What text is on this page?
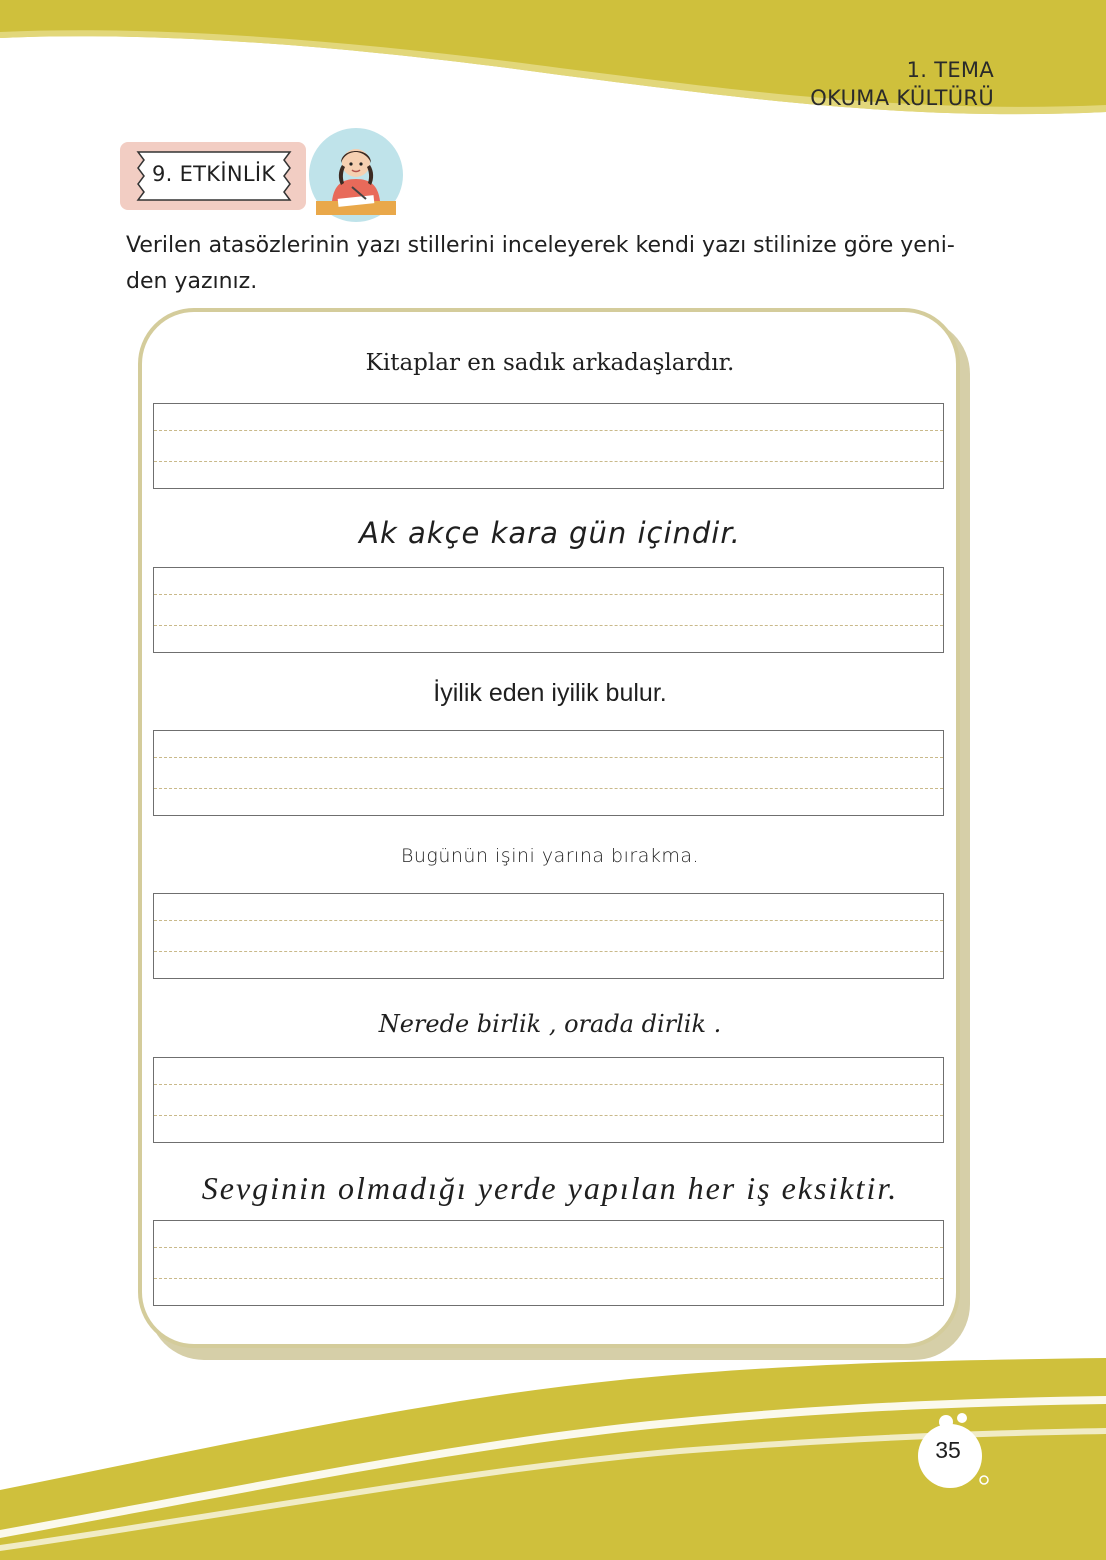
1. TEMA
OKUMA KÜLTÜRÜ
9. ETKİNLİK
Verilen atasözlerinin yazı stillerini inceleyerek kendi yazı stilinize göre yeni-den yazınız.
Kitaplar en sadık arkadaşlardır.
Ak akçe kara gün içindir.
İyilik eden iyilik bulur.
Bugünün işini yarına bırakma.
Nerede birlik , orada dirlik .
Sevginin olmadığı yerde yapılan her iş eksiktir.
35
